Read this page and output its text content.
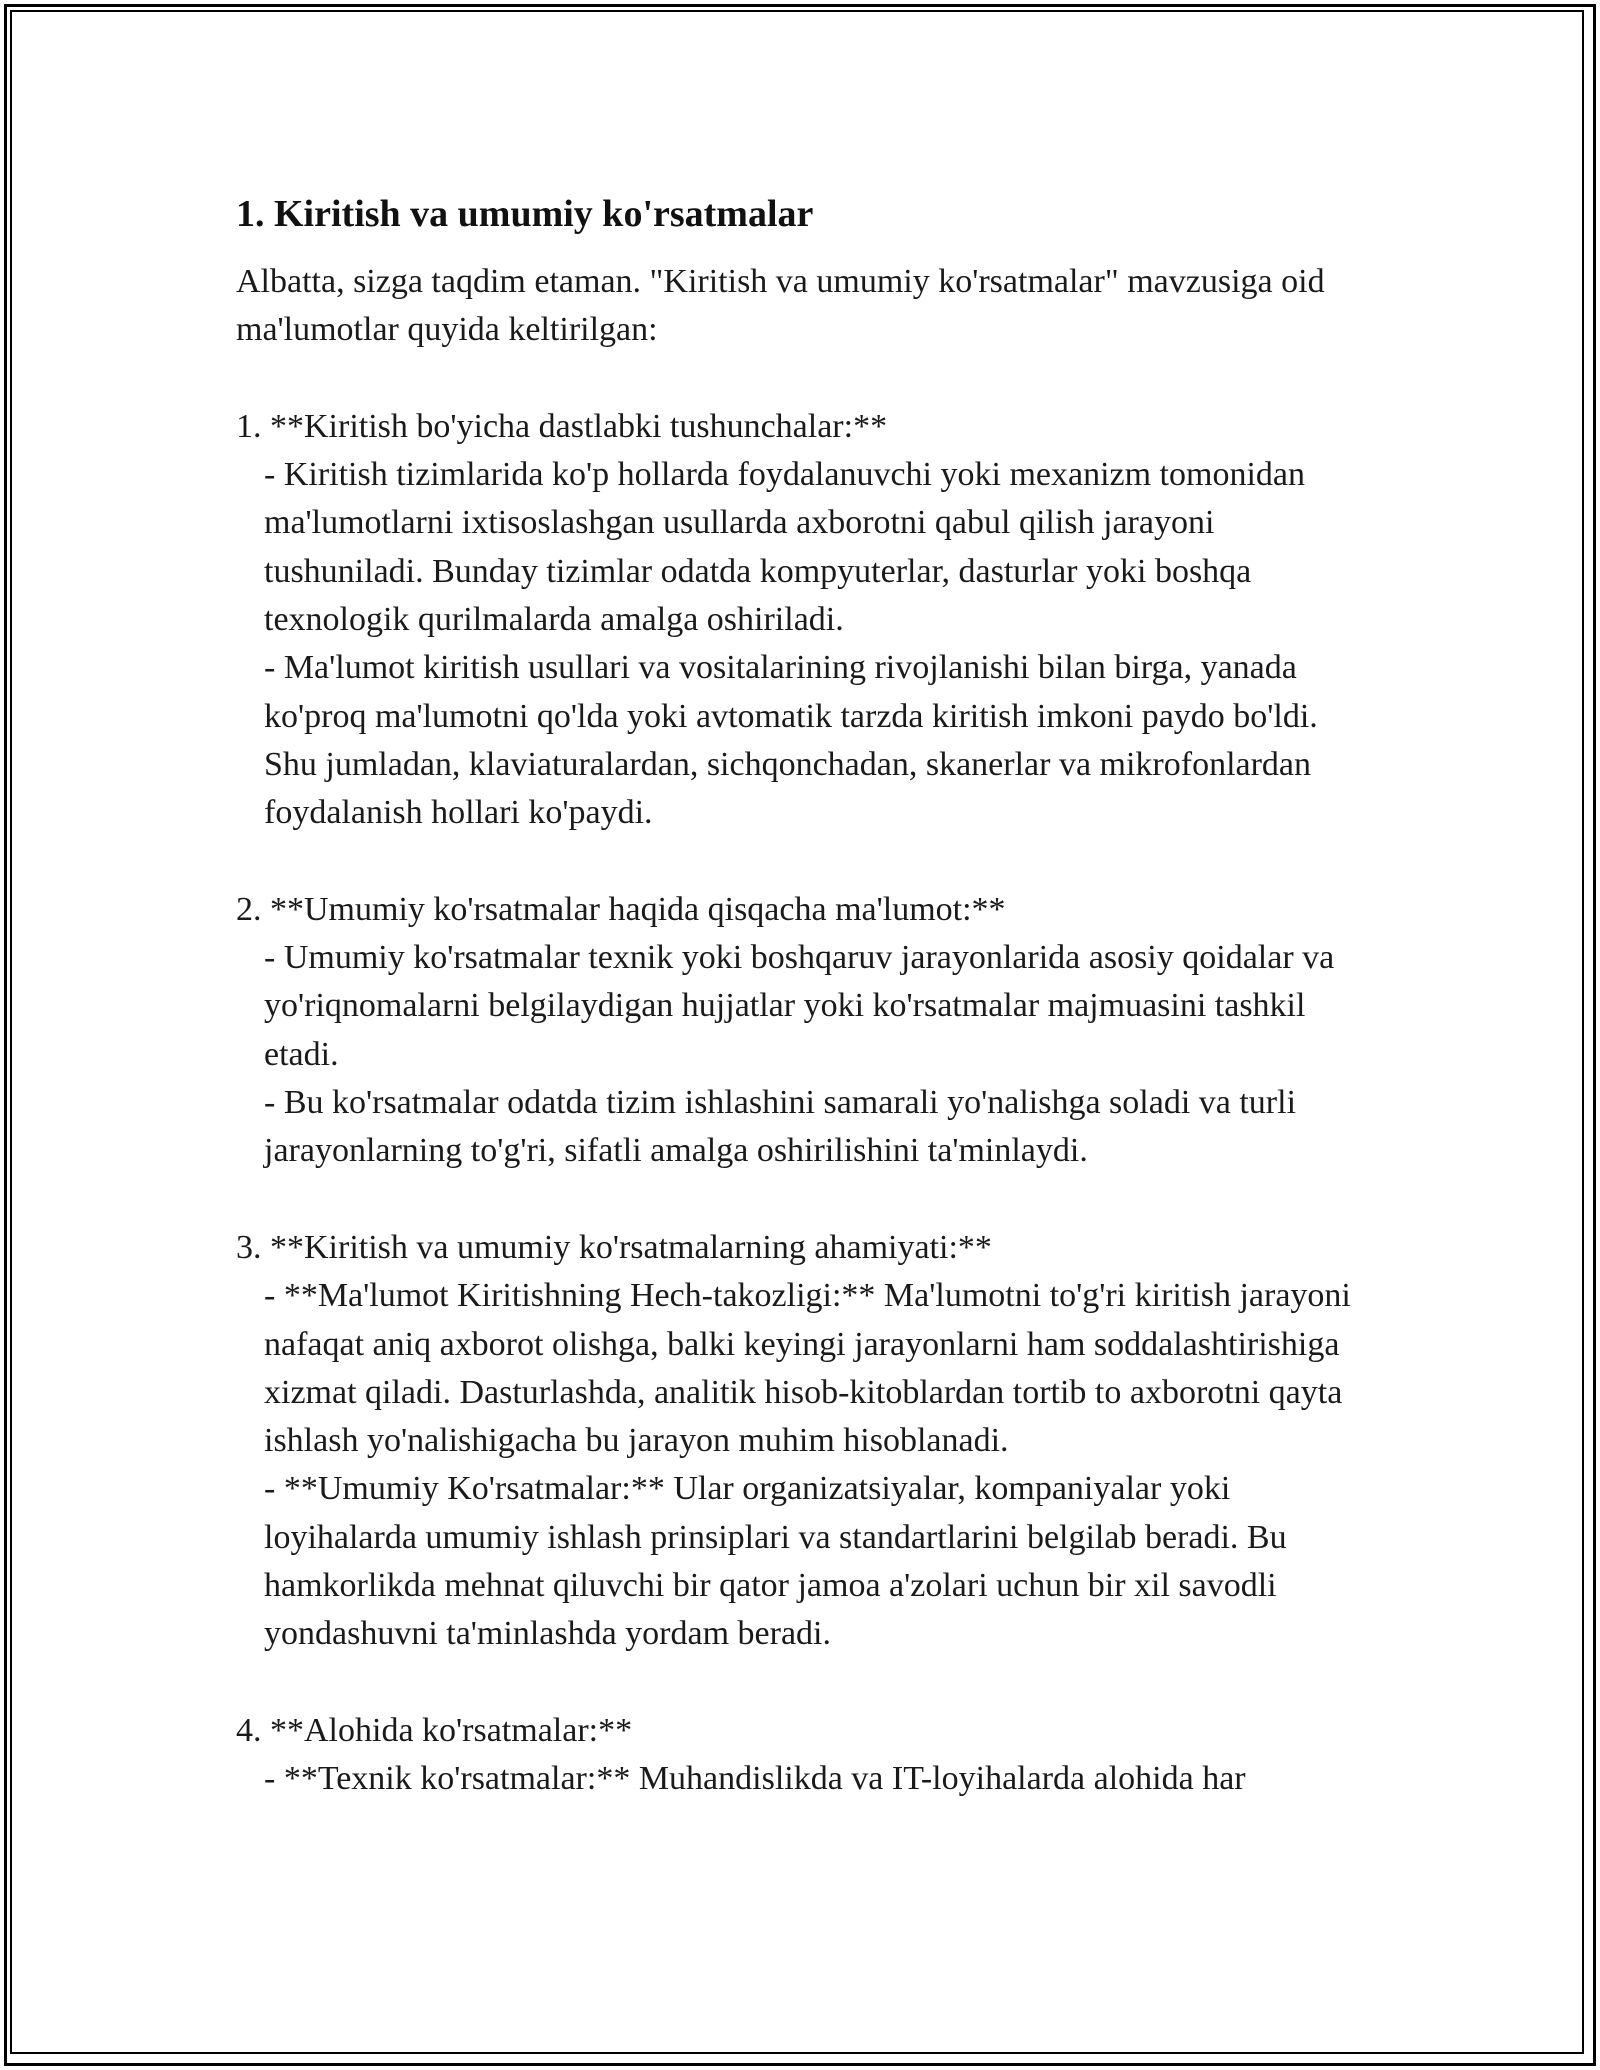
1. Kiritish va umumiy ko'rsatmalar

Albatta, sizga taqdim etaman. "Kiritish va umumiy ko'rsatmalar" mavzusiga oid ma'lumotlar quyida keltirilgan:

1. **Kiritish bo'yicha dastlabki tushunchalar:**

- Kiritish tizimlarida ko'p hollarda foydalanuvchi yoki mexanizm tomonidan ma'lumotlarni ixtisoslashgan usullarda axborotni qabul qilish jarayoni tushuniladi. Bunday tizimlar odatda kompyuterlar, dasturlar yoki boshqa texnologik qurilmalarda amalga oshiriladi.

- Ma'lumot kiritish usullari va vositalarining rivojlanishi bilan birga, yanada ko'proq ma'lumotni qo'lda yoki avtomatik tarzda kiritish imkoni paydo bo'ldi. Shu jumladan, klaviaturalardan, sichqonchadan, skanerlar va mikrofonlardan foydalanish hollari ko'paydi.

2. **Umumiy ko'rsatmalar haqida qisqacha ma'lumot:**

- Umumiy ko'rsatmalar texnik yoki boshqaruv jarayonlarida asosiy qoidalar va yo'riqnomalarni belgilaydigan hujjatlar yoki ko'rsatmalar majmuasini tashkil etadi.

- Bu ko'rsatmalar odatda tizim ishlashini samarali yo'nalishga soladi va turli jarayonlarning to'g'ri, sifatli amalga oshirilishini ta'minlaydi.

3. **Kiritish va umumiy ko'rsatmalarning ahamiyati:**

- **Ma'lumot Kiritishning Hech-takozligi:** Ma'lumotni to'g'ri kiritish jarayoni nafaqat aniq axborot olishga, balki keyingi jarayonlarni ham soddalashtirishiga xizmat qiladi. Dasturlashda, analitik hisob-kitoblardan tortib to axborotni qayta ishlash yo'nalishigacha bu jarayon muhim hisoblanadi.

- **Umumiy Ko'rsatmalar:** Ular organizatsiyalar, kompaniyalar yoki loyihalarda umumiy ishlash prinsiplari va standartlarini belgilab beradi. Bu hamkorlikda mehnat qiluvchi bir qator jamoa a'zolari uchun bir xil savodli yondashuvni ta'minlashda yordam beradi.

4. **Alohida ko'rsatmalar:**

- **Texnik ko'rsatmalar:** Muhandislikda va IT-loyihalarda alohida har
